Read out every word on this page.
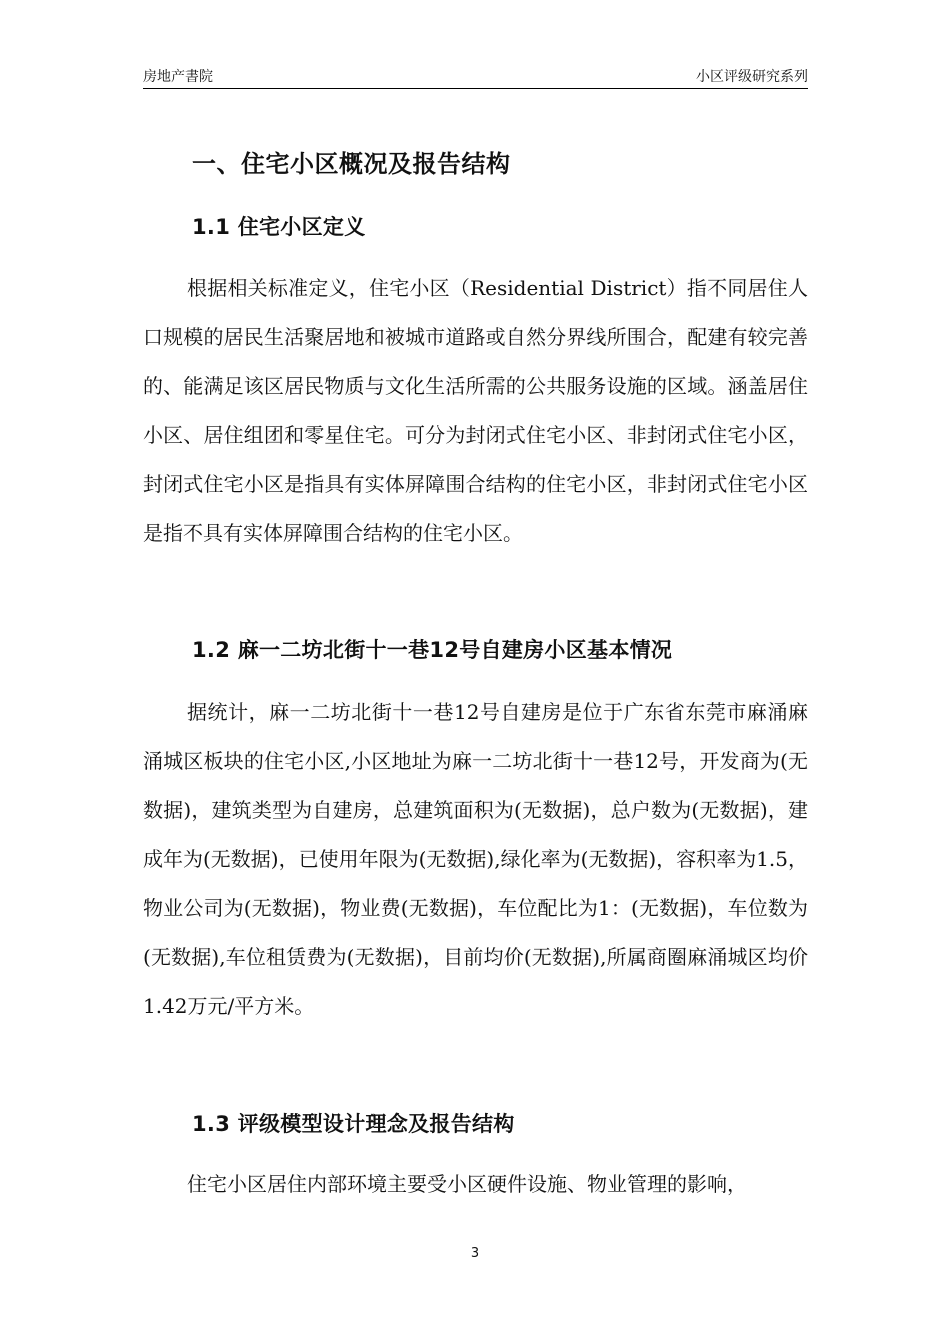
房地产書院	小区评级研究系列
一、住宅小区概况及报告结构
1.1 住宅小区定义

根据相关标准定义，住宅小区（Residential District）指不同居住人口规模的居民生活聚居地和被城市道路或自然分界线所围合，配建有较完善的、能满足该区居民物质与文化生活所需的公共服务设施的区域。涵盖居住小区、居住组团和零星住宅。可分为封闭式住宅小区、非封闭式住宅小区，封闭式住宅小区是指具有实体屏障围合结构的住宅小区，非封闭式住宅小区是指不具有实体屏障围合结构的住宅小区。

1.2 麻一二坊北街十一巷12号自建房小区基本情况

据统计，麻一二坊北街十一巷12号自建房是位于广东省东莞市麻涌麻涌城区板块的住宅小区,小区地址为麻一二坊北街十一巷12号，开发商为(无数据)，建筑类型为自建房，总建筑面积为(无数据)，总户数为(无数据)，建成年为(无数据)，已使用年限为(无数据),绿化率为(无数据)，容积率为1.5，物业公司为(无数据)，物业费(无数据)，车位配比为1：(无数据)，车位数为(无数据),车位租赁费为(无数据)，目前均价(无数据),所属商圈麻涌城区均价1.42万元/平方米。

1.3 评级模型设计理念及报告结构

住宅小区居住内部环境主要受小区硬件设施、物业管理的影响，

3
